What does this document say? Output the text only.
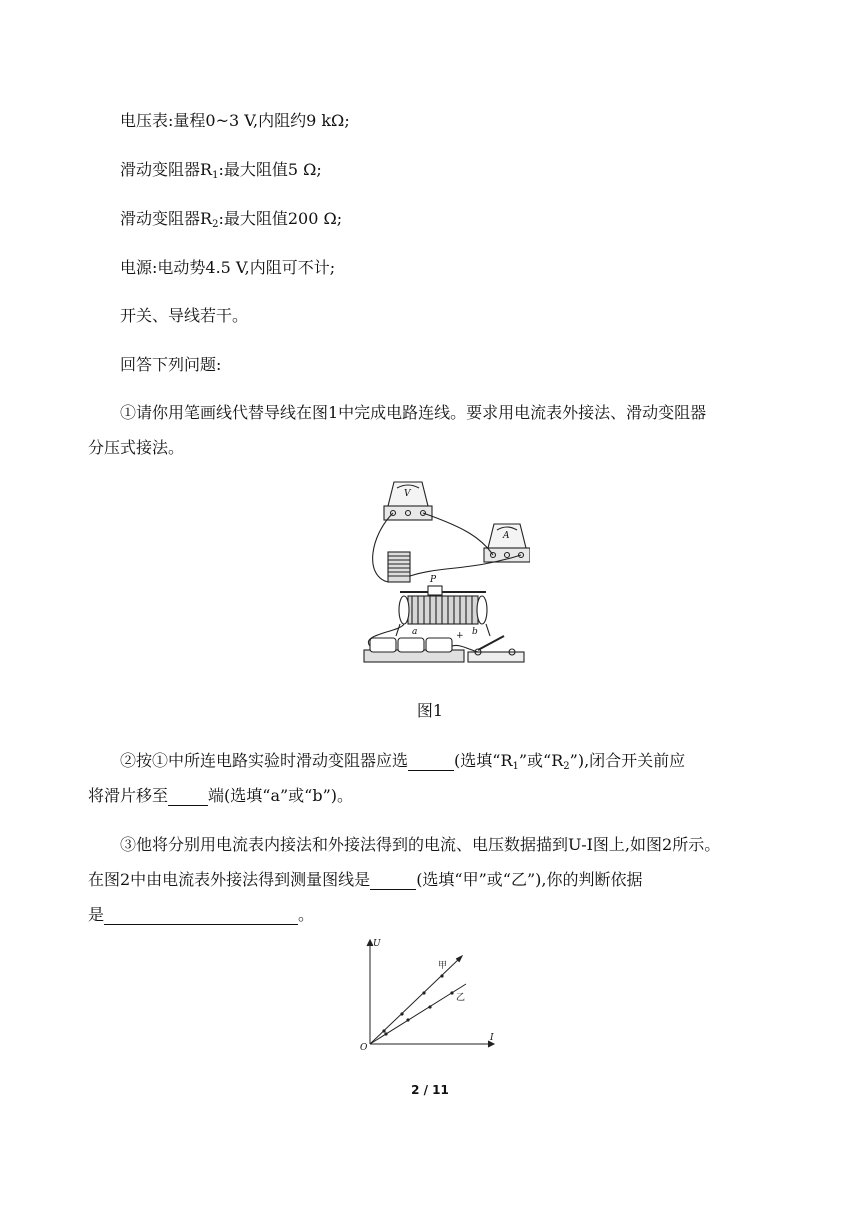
电压表:量程0~3 V,内阻约9 kΩ;
滑动变阻器$R_1$:最大阻值5 Ω;
滑动变阻器$R_2$:最大阻值200 Ω;
电源:电动势4.5 V,内阻可不计;
开关、导线若干。
回答下列问题:
①请你用笔画线代替导线在图1中完成电路连线。要求用电流表外接法、滑动变阻器
分压式接法。
V
A
P
a	b
+
图1
②按①中所连电路实验时滑动变阻器应选	(选填“$R_1$”或“$R_2$”),闭合开关前应
将滑片移至	端(选填“a”或“b”)。
③他将分别用电流表内接法和外接法得到的电流、电压数据描到U-I图上,如图2所示。
在图2中由电流表外接法得到测量图线是	(选填“甲”或“乙”),你的判断依据
是	。
U
I
O
甲
乙
2 / 11
